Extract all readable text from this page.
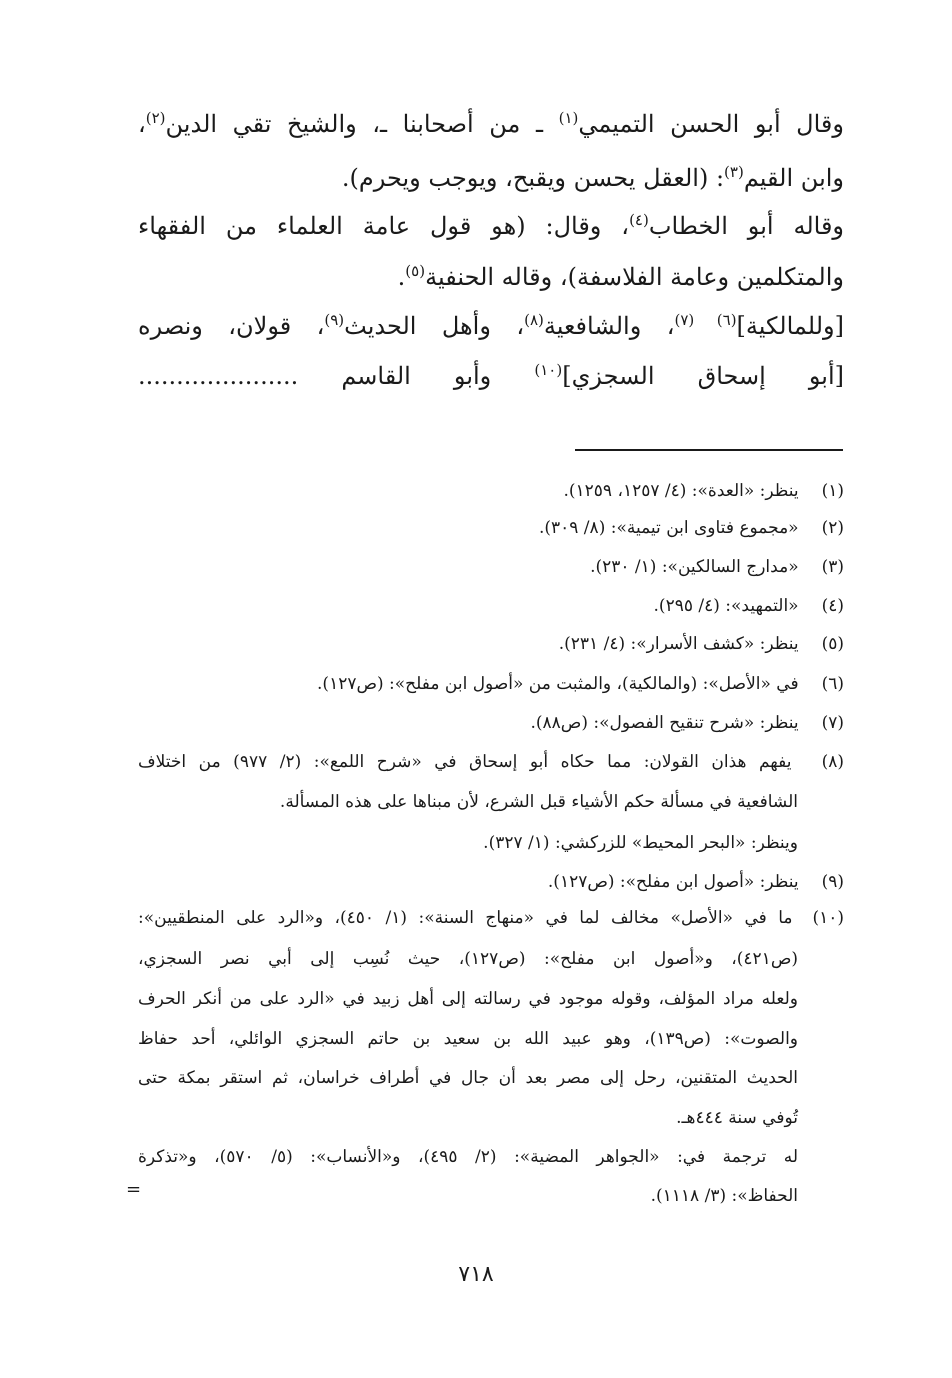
وقال أبو الحسن التميمي$^{(١)}$ ـ من أصحابنا ـ، والشيخ تقي الدين$^{(٢)}$،

وابن القيم$^{(٣)}$: (العقل يحسن ويقبح، ويوجب ويحرم).

وقاله أبو الخطاب$^{(٤)}$، وقال: (هو قول عامة العلماء من الفقهاء

والمتكلمين وعامة الفلاسفة)، وقاله الحنفية$^{(٥)}$.

[وللمالكية]$^{(٦) (٧)}$، والشافعية$^{(٨)}$، وأهل الحديث$^{(٩)}$، قولان، ونصره

[أبو إسحاق السجزي]$^{(١٠)}$ وأبو القاسم .....................

(١) ينظر: «العدة»: (٤/ ١٢٥٧، ١٢٥٩).

(٢) «مجموع فتاوى ابن تيمية»: (٨/ ٣٠٩).

(٣) «مدارج السالكين»: (١/ ٢٣٠).

(٤) «التمهيد»: (٤/ ٢٩٥).

(٥) ينظر: «كشف الأسرار»: (٤/ ٢٣١).

(٦) في «الأصل»: (والمالكية)، والمثبت من «أصول ابن مفلح»: (ص١٢٧).

(٧) ينظر: «شرح تنقيح الفصول»: (ص٨٨).

(٨) يفهم هذان القولان: مما حكاه أبو إسحاق في «شرح اللمع»: (٢/ ٩٧٧) من اختلاف

الشافعية في مسألة حكم الأشياء قبل الشرع، لأن مبناها على هذه المسألة.

وينظر: «البحر المحيط» للزركشي: (١/ ٣٢٧).

(٩) ينظر: «أصول ابن مفلح»: (ص١٢٧).

(١٠) ما في «الأصل» مخالف لما في «منهاج السنة»: (١/ ٤٥٠)، و«الرد على المنطقيين»:

(ص٤٢١)، و«أصول ابن مفلح»: (ص١٢٧)، حيث نُسِب إلى أبي نصر السجزي،

ولعله مراد المؤلف، وقوله موجود في رسالته إلى أهل زبيد في «الرد على من أنكر الحرف

والصوت»: (ص١٣٩)، وهو عبيد الله بن سعيد بن حاتم السجزي الوائلي، أحد حفاظ

الحديث المتقنين، رحل إلى مصر بعد أن جال في أطراف خراسان، ثم استقر بمكة حتى

تُوفي سنة ٤٤٤هـ.

له ترجمة في: «الجواهر المضية»: (٢/ ٤٩٥)، و«الأنساب»: (٥/ ٥٧٠)، و«تذكرة

الحفاظ»: (٣/ ١١١٨).

=
٧١٨
